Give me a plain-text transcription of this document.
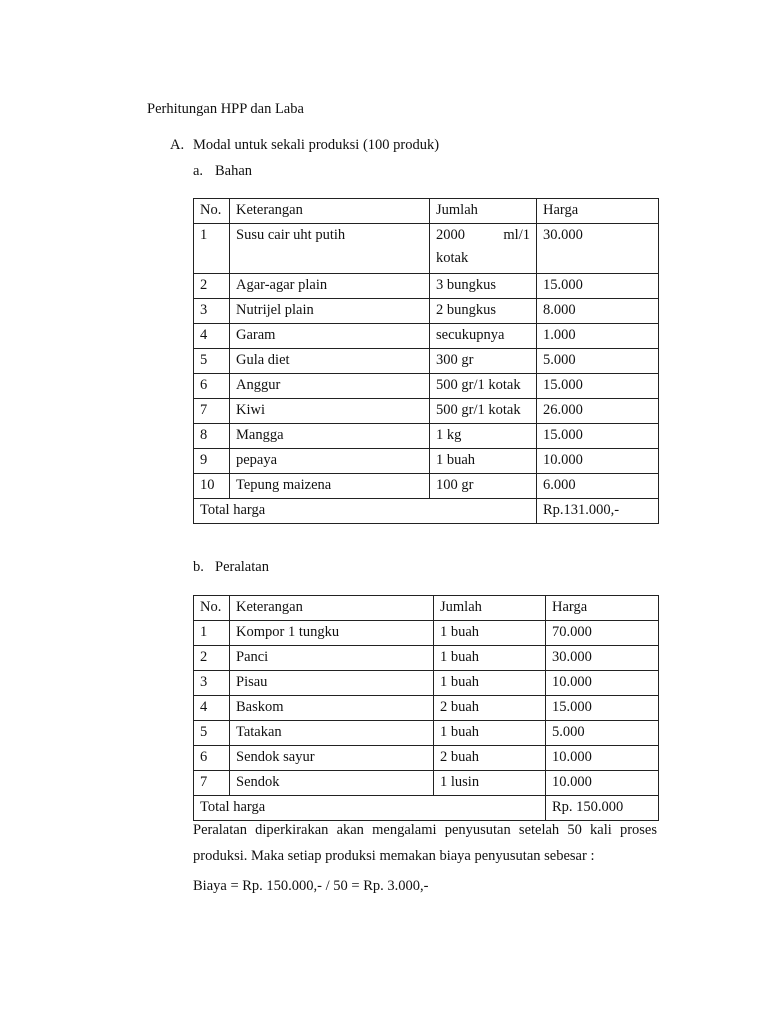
Perhitungan HPP dan Laba
A. Modal untuk sekali produksi (100 produk)
a. Bahan
No.	Keterangan	Jumlah	Harga
1	Susu cair uht putih	2000 ml/1 kotak	30.000
2	Agar-agar plain	3 bungkus	15.000
3	Nutrijel plain	2 bungkus	8.000
4	Garam	secukupnya	1.000
5	Gula diet	300 gr	5.000
6	Anggur	500 gr/1 kotak	15.000
7	Kiwi	500 gr/1 kotak	26.000
8	Mangga	1 kg	15.000
9	pepaya	1 buah	10.000
10	Tepung maizena	100 gr	6.000
Total harga			Rp.131.000,-
b. Peralatan
No.	Keterangan	Jumlah	Harga
1	Kompor 1 tungku	1 buah	70.000
2	Panci	1 buah	30.000
3	Pisau	1 buah	10.000
4	Baskom	2 buah	15.000
5	Tatakan	1 buah	5.000
6	Sendok sayur	2 buah	10.000
7	Sendok	1 lusin	10.000
Total harga			Rp. 150.000
Peralatan diperkirakan akan mengalami penyusutan setelah 50 kali proses produksi. Maka setiap produksi memakan biaya penyusutan sebesar :
Biaya = Rp. 150.000,- / 50 = Rp. 3.000,-
